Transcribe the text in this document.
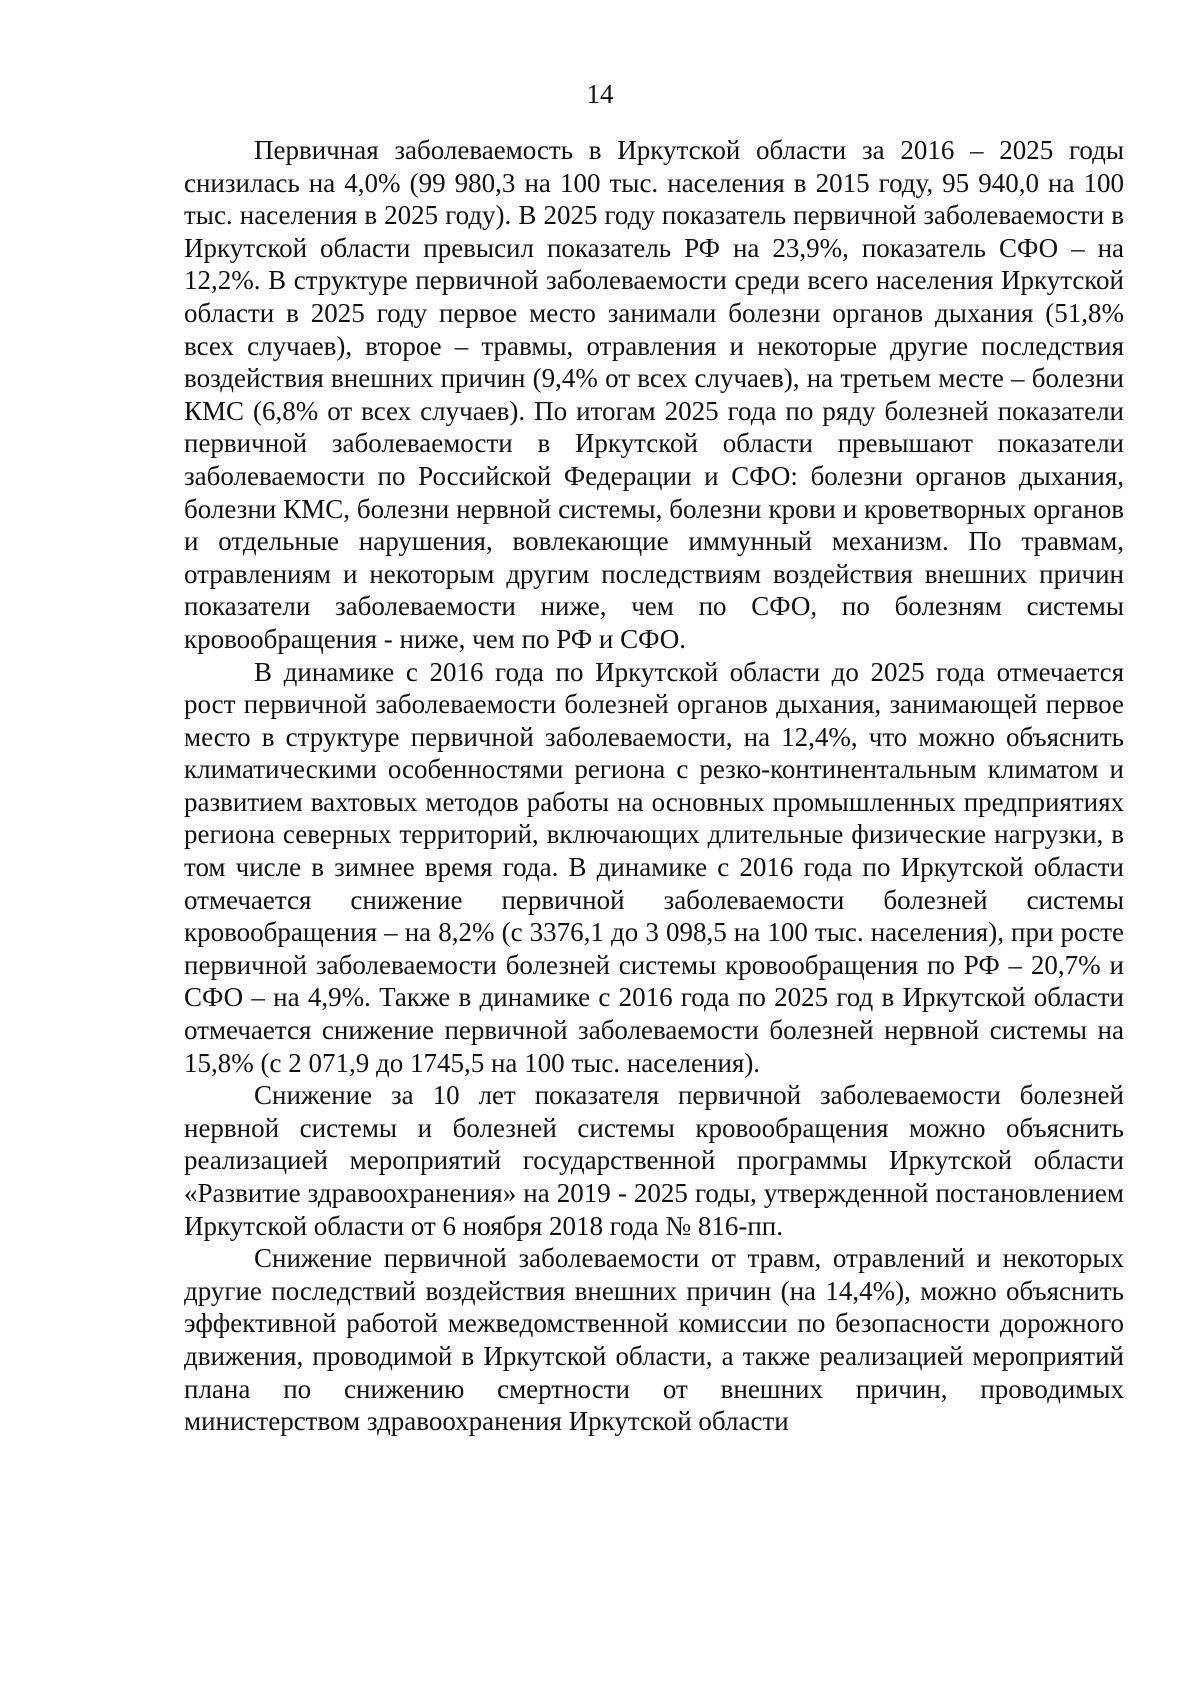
14

Первичная заболеваемость в Иркутской области за 2016 – 2025 годы снизилась на 4,0% (99 980,3 на 100 тыс. населения в 2015 году, 95 940,0 на 100 тыс. населения в 2025 году). В 2025 году показатель первичной заболеваемости в Иркутской области превысил показатель РФ на 23,9%, показатель СФО – на 12,2%. В структуре первичной заболеваемости среди всего населения Иркутской области в 2025 году первое место занимали болезни органов дыхания (51,8% всех случаев), второе – травмы, отравления и некоторые другие последствия воздействия внешних причин (9,4% от всех случаев), на третьем месте – болезни КМС (6,8% от всех случаев). По итогам 2025 года по ряду болезней показатели первичной заболеваемости в Иркутской области превышают показатели заболеваемости по Российской Федерации и СФО: болезни органов дыхания, болезни КМС, болезни нервной системы, болезни крови и кроветворных органов и отдельные нарушения, вовлекающие иммунный механизм. По травмам, отравлениям и некоторым другим последствиям воздействия внешних причин показатели заболеваемости ниже, чем по СФО, по болезням системы кровообращения - ниже, чем по РФ и СФО.

В динамике с 2016 года по Иркутской области до 2025 года отмечается рост первичной заболеваемости болезней органов дыхания, занимающей первое место в структуре первичной заболеваемости, на 12,4%, что можно объяснить климатическими особенностями региона с резко-континентальным климатом и развитием вахтовых методов работы на основных промышленных предприятиях региона северных территорий, включающих длительные физические нагрузки, в том числе в зимнее время года. В динамике с 2016 года по Иркутской области отмечается снижение первичной заболеваемости болезней системы кровообращения – на 8,2% (с 3376,1 до 3 098,5 на 100 тыс. населения), при росте первичной заболеваемости болезней системы кровообращения по РФ – 20,7% и СФО – на 4,9%. Также в динамике с 2016 года по 2025 год в Иркутской области отмечается снижение первичной заболеваемости болезней нервной системы на 15,8% (с 2 071,9 до 1745,5 на 100 тыс. населения).

Снижение за 10 лет показателя первичной заболеваемости болезней нервной системы и болезней системы кровообращения можно объяснить реализацией мероприятий государственной программы Иркутской области «Развитие здравоохранения» на 2019 - 2025 годы, утвержденной постановлением Иркутской области от 6 ноября 2018 года № 816-пп.

Снижение первичной заболеваемости от травм, отравлений и некоторых другие последствий воздействия внешних причин (на 14,4%), можно объяснить эффективной работой межведомственной комиссии по безопасности дорожного движения, проводимой в Иркутской области, а также реализацией мероприятий плана по снижению смертности от внешних причин, проводимых министерством здравоохранения Иркутской области
